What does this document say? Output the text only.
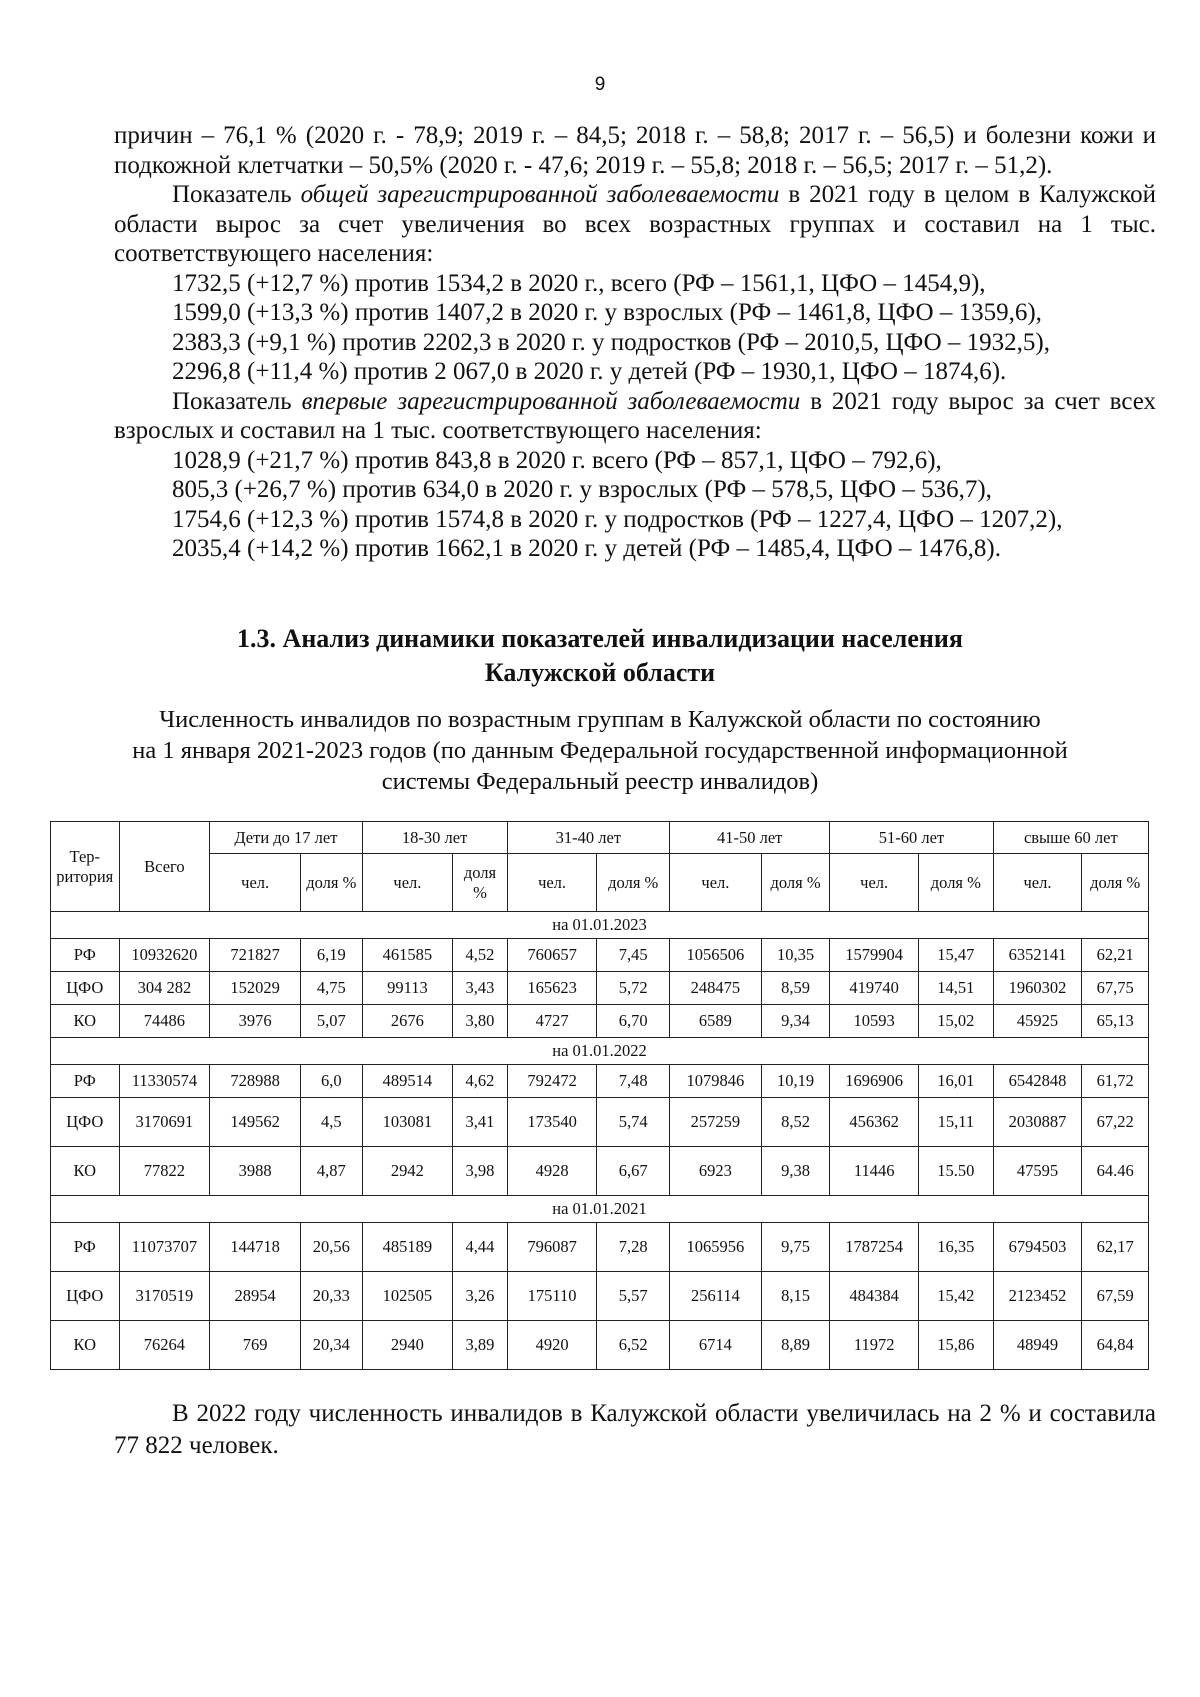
9

причин – 76,1 % (2020 г. - 78,9; 2019 г. – 84,5; 2018 г. – 58,8; 2017 г. – 56,5) и болезни кожи и подкожной клетчатки – 50,5% (2020 г. - 47,6; 2019 г. – 55,8; 2018 г. – 56,5; 2017 г. – 51,2).

Показатель общей зарегистрированной заболеваемости в 2021 году в целом в Калужской области вырос за счет увеличения во всех возрастных группах и составил на 1 тыс. соответствующего населения:

1732,5 (+12,7 %) против 1534,2 в 2020 г., всего (РФ – 1561,1, ЦФО – 1454,9),

1599,0 (+13,3 %) против 1407,2 в 2020 г. у взрослых (РФ – 1461,8, ЦФО – 1359,6),

2383,3 (+9,1 %) против 2202,3 в 2020 г. у подростков (РФ – 2010,5, ЦФО – 1932,5),

2296,8 (+11,4 %) против 2 067,0 в 2020 г. у детей (РФ – 1930,1, ЦФО – 1874,6).

Показатель впервые зарегистрированной заболеваемости в 2021 году вырос за счет всех взрослых и составил на 1 тыс. соответствующего населения:

1028,9 (+21,7 %) против 843,8 в 2020 г. всего (РФ – 857,1, ЦФО – 792,6),

805,3 (+26,7 %) против 634,0 в 2020 г. у взрослых (РФ – 578,5, ЦФО – 536,7),

1754,6 (+12,3 %) против 1574,8 в 2020 г. у подростков (РФ – 1227,4, ЦФО – 1207,2),

2035,4 (+14,2 %) против 1662,1 в 2020 г. у детей (РФ – 1485,4, ЦФО – 1476,8).

1.3. Анализ динамики показателей инвалидизации населения
Калужской области
Численность инвалидов по возрастным группам в Калужской области по состоянию
на 1 января 2021-2023 годов (по данным Федеральной государственной информационной
системы Федеральный реестр инвалидов)
Тер-ритория	Всего	Дети до 17 лет		18-30 лет		31-40 лет		41-50 лет		51-60 лет		свыше 60 лет	
		чел.	доля %	чел.	доля %	чел.	доля %	чел.	доля %	чел.	доля %	чел.	доля %
на 01.01.2023													
РФ	10932620	721827	6,19	461585	4,52	760657	7,45	1056506	10,35	1579904	15,47	6352141	62,21
ЦФО	304 282	152029	4,75	99113	3,43	165623	5,72	248475	8,59	419740	14,51	1960302	67,75
КО	74486	3976	5,07	2676	3,80	4727	6,70	6589	9,34	10593	15,02	45925	65,13
на 01.01.2022													
РФ	11330574	728988	6,0	489514	4,62	792472	7,48	1079846	10,19	1696906	16,01	6542848	61,72
ЦФО	3170691	149562	4,5	103081	3,41	173540	5,74	257259	8,52	456362	15,11	2030887	67,22
КО	77822	3988	4,87	2942	3,98	4928	6,67	6923	9,38	11446	15.50	47595	64.46
на 01.01.2021													
РФ	11073707	144718	20,56	485189	4,44	796087	7,28	1065956	9,75	1787254	16,35	6794503	62,17
ЦФО	3170519	28954	20,33	102505	3,26	175110	5,57	256114	8,15	484384	15,42	2123452	67,59
КО	76264	769	20,34	2940	3,89	4920	6,52	6714	8,89	11972	15,86	48949	64,84

В 2022 году численность инвалидов в Калужской области увеличилась на 2 % и составила 77 822 человек.
